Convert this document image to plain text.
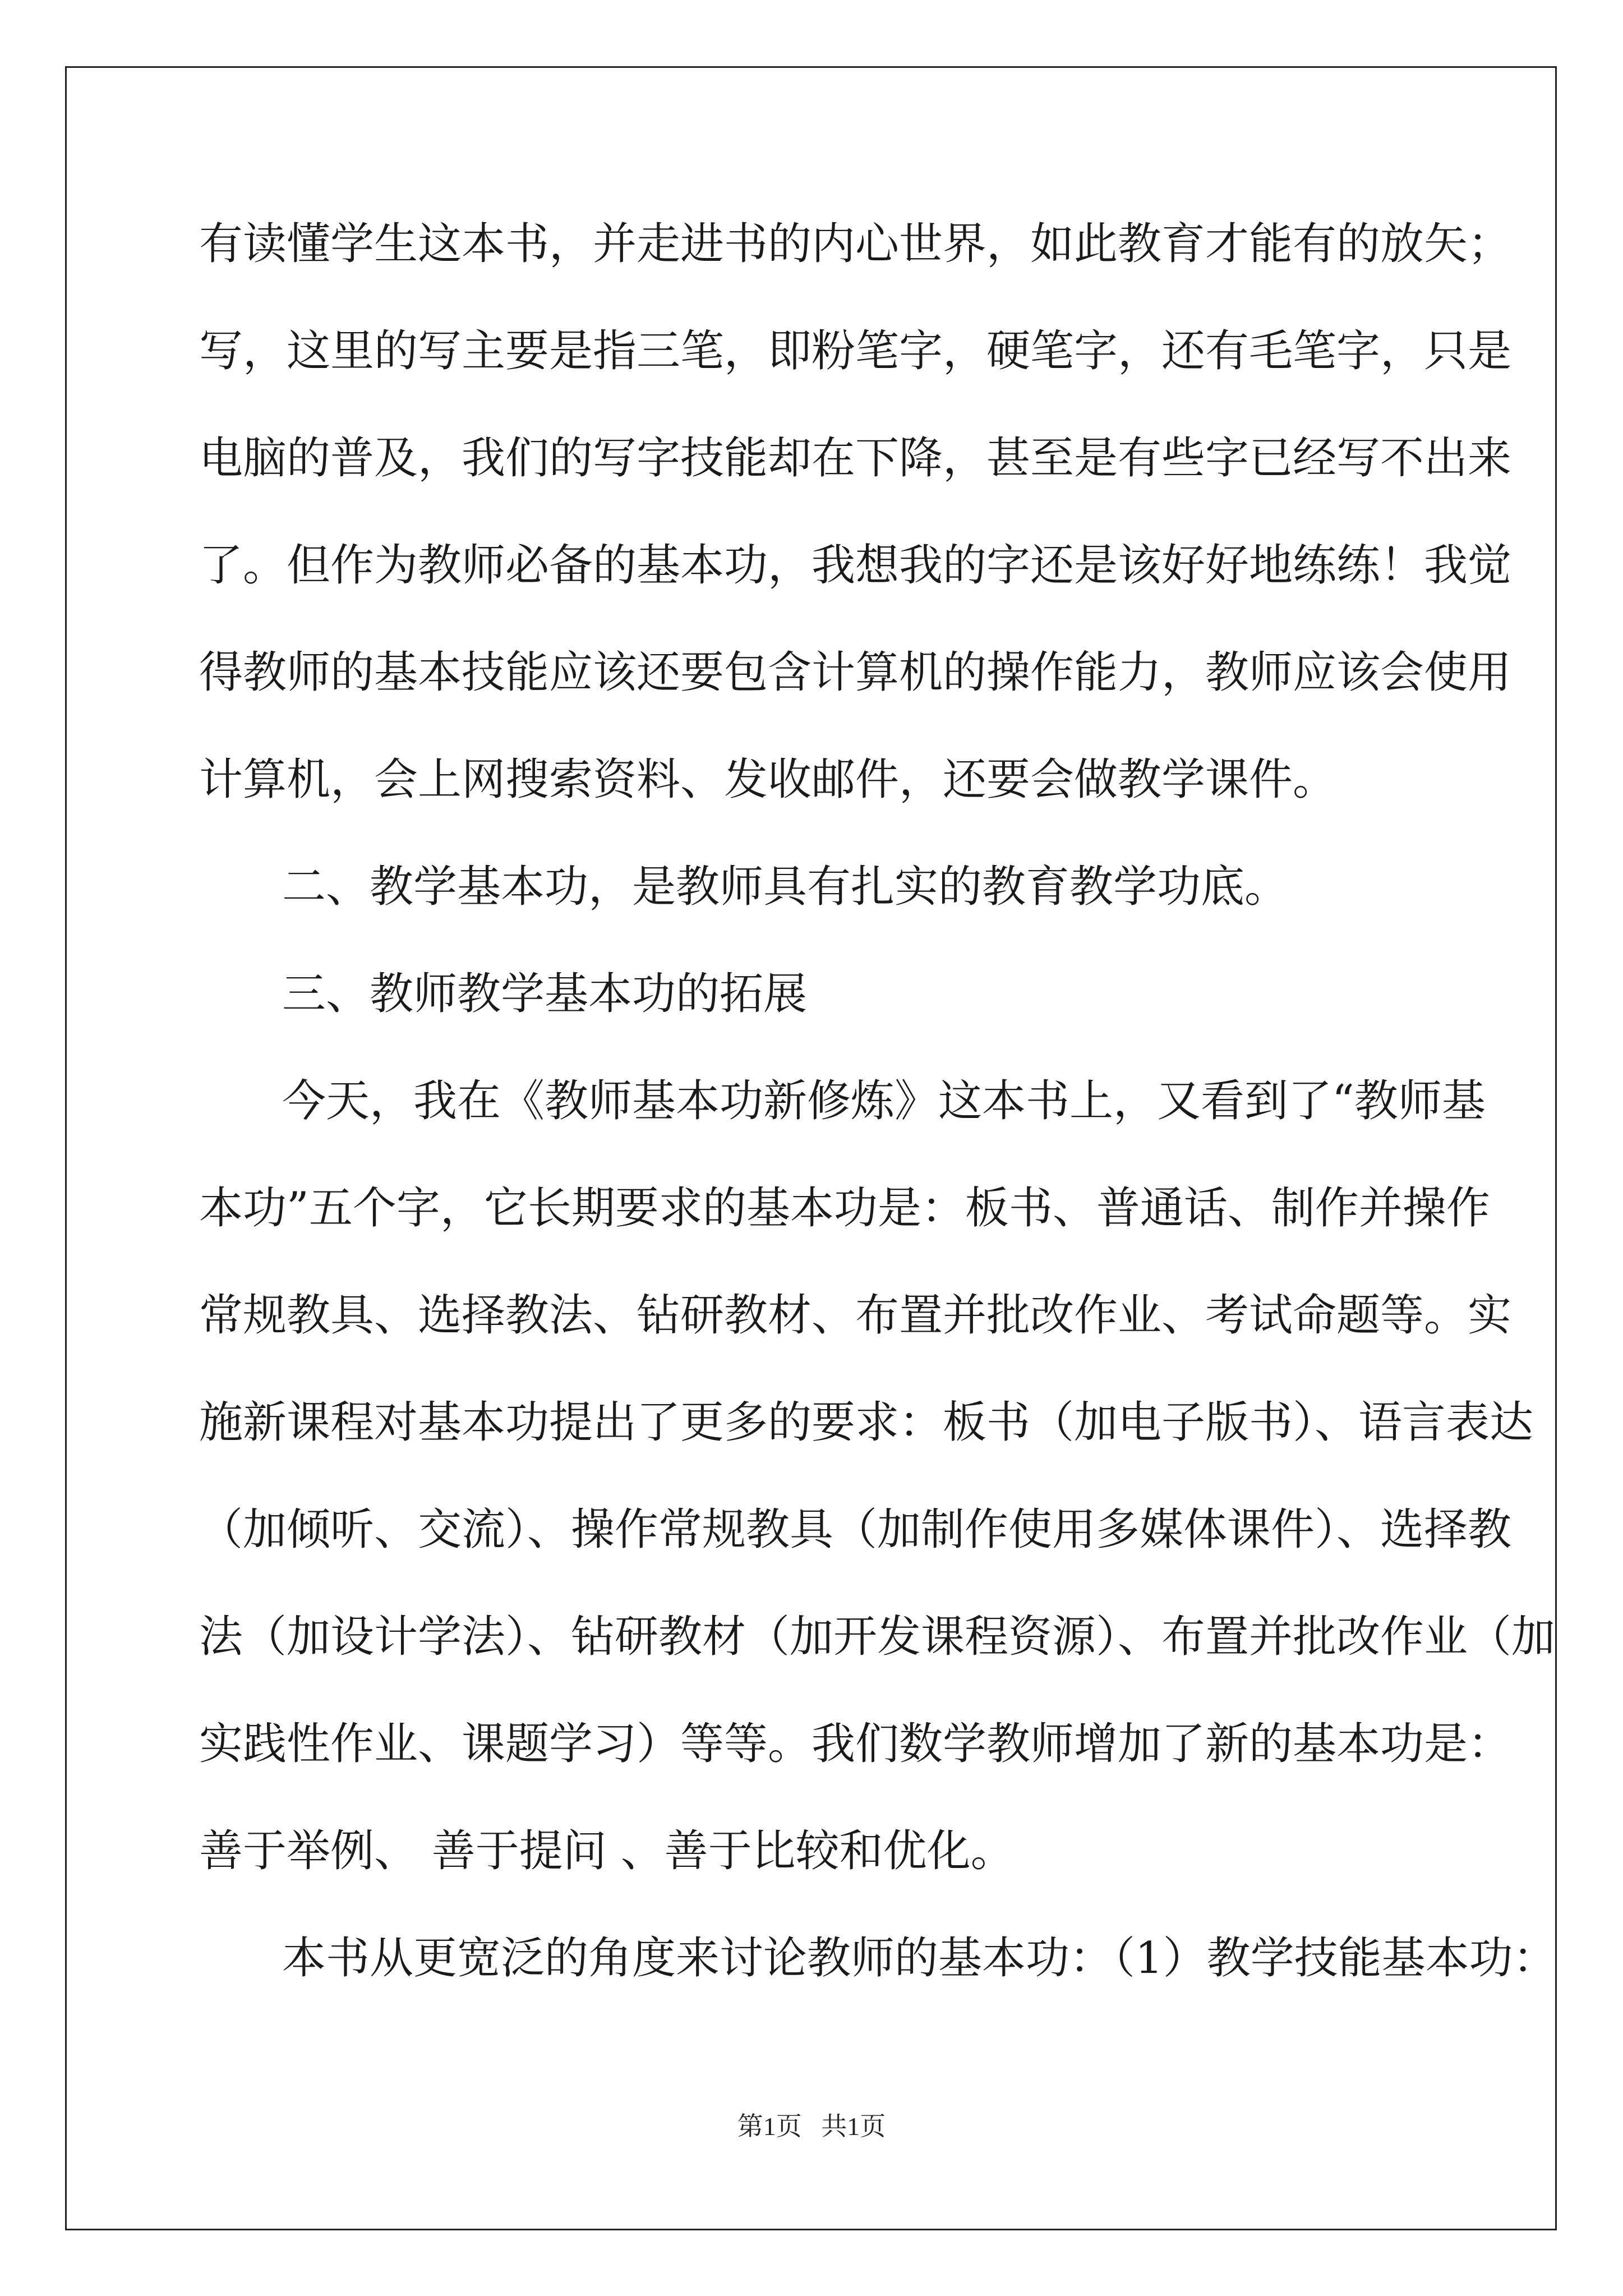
有读懂学生这本书，并走进书的内心世界，如此教育才能有的放矢；
写，这里的写主要是指三笔，即粉笔字，硬笔字，还有毛笔字，只是
电脑的普及，我们的写字技能却在下降，甚至是有些字已经写不出来
了。但作为教师必备的基本功，我想我的字还是该好好地练练！我觉
得教师的基本技能应该还要包含计算机的操作能力，教师应该会使用
计算机，会上网搜索资料、发收邮件，还要会做教学课件。
二、教学基本功，是教师具有扎实的教育教学功底。
三、教师教学基本功的拓展
今天，我在《教师基本功新修炼》这本书上，又看到了“教师基
本功”五个字，它长期要求的基本功是：板书、普通话、制作并操作
常规教具、选择教法、钻研教材、布置并批改作业、考试命题等。实
施新课程对基本功提出了更多的要求：板书（加电子版书）、语言表达
（加倾听、交流）、操作常规教具（加制作使用多媒体课件）、选择教
法（加设计学法）、钻研教材（加开发课程资源）、布置并批改作业（加
实践性作业、课题学习）等等。我们数学教师增加了新的基本功是：
善于举例、 善于提问 、善于比较和优化。
本书从更宽泛的角度来讨论教师的基本功：（1）教学技能基本功：
第1页   共1页
